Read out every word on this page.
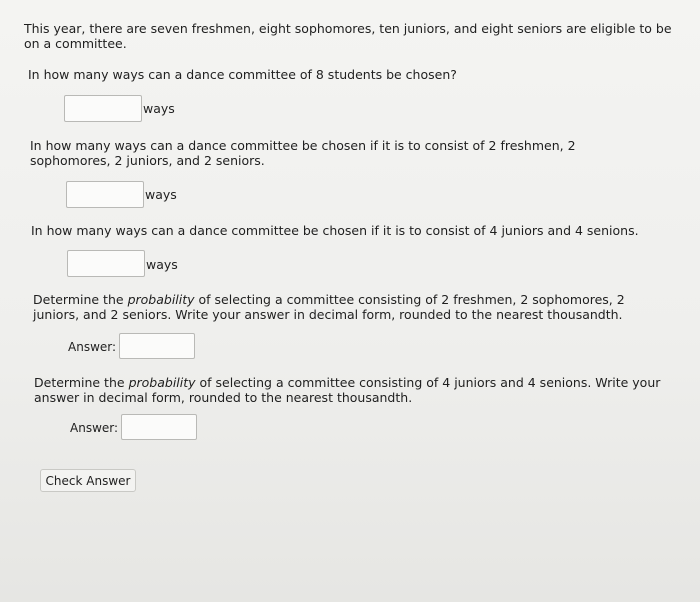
This year, there are seven freshmen, eight sophomores, ten juniors, and eight seniors are eligible to be on a committee.
In how many ways can a dance committee of 8 students be chosen?
ways
In how many ways can a dance committee be chosen if it is to consist of 2 freshmen, 2 sophomores, 2 juniors, and 2 seniors.
ways
In how many ways can a dance committee be chosen if it is to consist of 4 juniors and 4 senions.
ways
Determine the probability of selecting a committee consisting of 2 freshmen, 2 sophomores, 2 juniors, and 2 seniors. Write your answer in decimal form, rounded to the nearest thousandth.
Answer:
Determine the probability of selecting a committee consisting of 4 juniors and 4 senions. Write your answer in decimal form, rounded to the nearest thousandth.
Answer:
Check Answer
